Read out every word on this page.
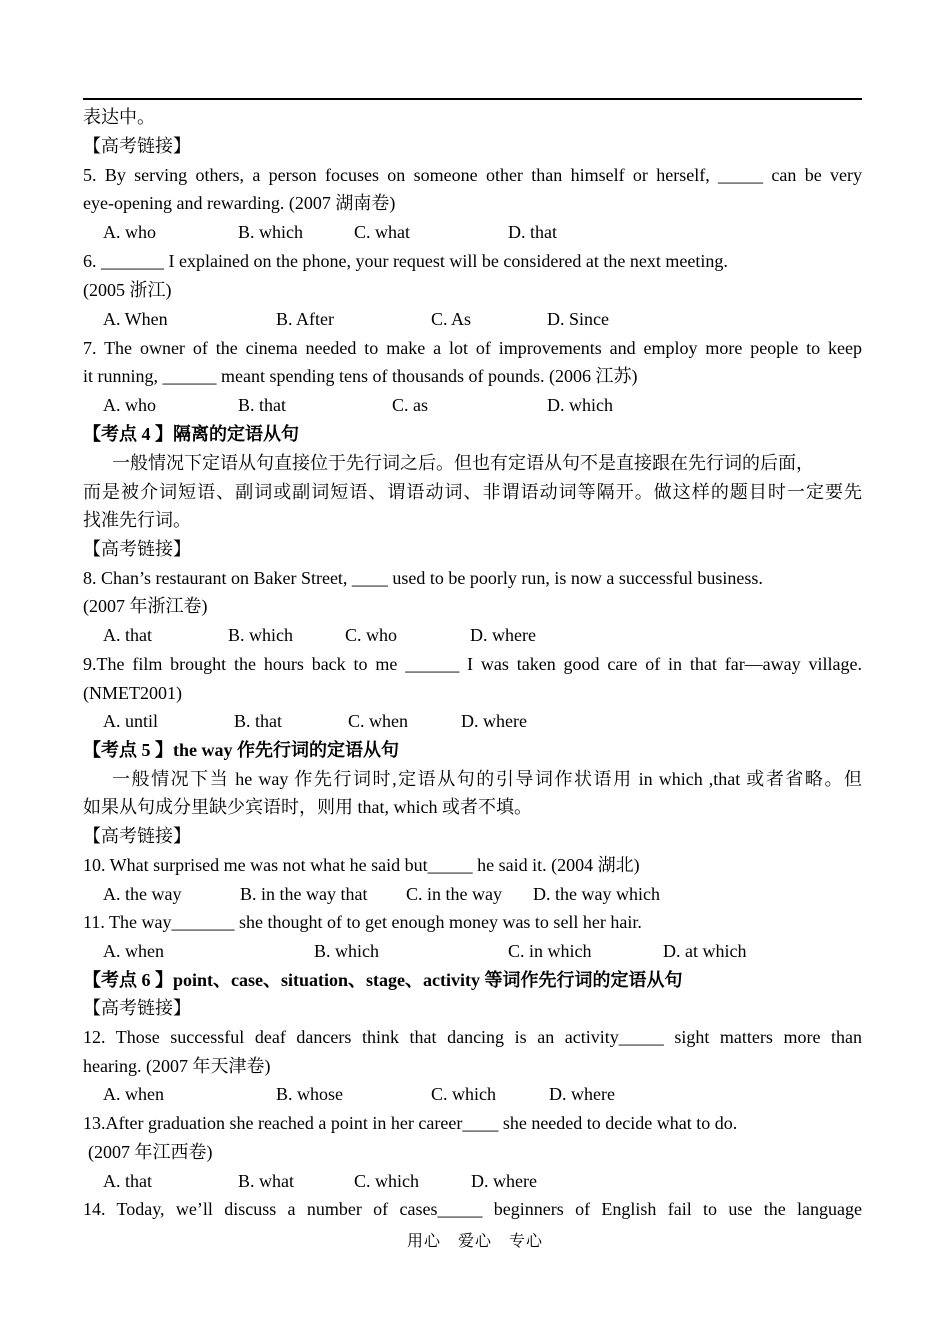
表达中。
【高考链接】
5. By serving others, a person focuses on someone other than himself or herself, _____ can be very
eye-opening and rewarding. (2007 湖南卷)
A. who	B. which	C. what	D. that
6. _______ I explained on the phone, your request will be considered at the next meeting.
(2005 浙江)
A. When	B. After	C. As	D. Since
7. The owner of the cinema needed to make a lot of improvements and employ more people to keep
it running, ______ meant spending tens of thousands of pounds. (2006 江苏)
A. who	B. that	C. as	D. which
【考点 4 】隔离的定语从句
一般情况下定语从句直接位于先行词之后。但也有定语从句不是直接跟在先行词的后面，
而是被介词短语、副词或副词短语、谓语动词、非谓语动词等隔开。做这样的题目时一定要先
找准先行词。
【高考链接】
8. Chan’s restaurant on Baker Street, ____ used to be poorly run, is now a successful business.
(2007 年浙江卷)
A. that	B. which	C. who	D. where
9.The film brought the hours back to me ______ I was taken good care of in that far—away village.
(NMET2001)
A. until	B. that	C. when	D. where
【考点 5 】the way 作先行词的定语从句
一般情况下当 he way 作先行词时,定语从句的引导词作状语用 in which ,that 或者省略。但
如果从句成分里缺少宾语时，则用 that, which 或者不填。
【高考链接】
10. What surprised me was not what he said but_____ he said it. (2004 湖北)
A. the way	B. in the way that C. in the way D. the way which
11. The way_______ she thought of to get enough money was to sell her hair.
A. when	B. which	C. in which	D. at which
【考点 6 】point、case、situation、stage、activity 等词作先行词的定语从句
【高考链接】
12. Those successful deaf dancers think that dancing is an activity_____ sight matters more than
hearing. (2007 年天津卷)
A. when	B. whose	C. which	D. where
13.After graduation she reached a point in her career____ she needed to decide what to do.
(2007 年江西卷)
A. that	B. what	C. which	D. where
14. Today, we’ll discuss a number of cases_____ beginners of English fail to use the language
用心　爱心　专心
